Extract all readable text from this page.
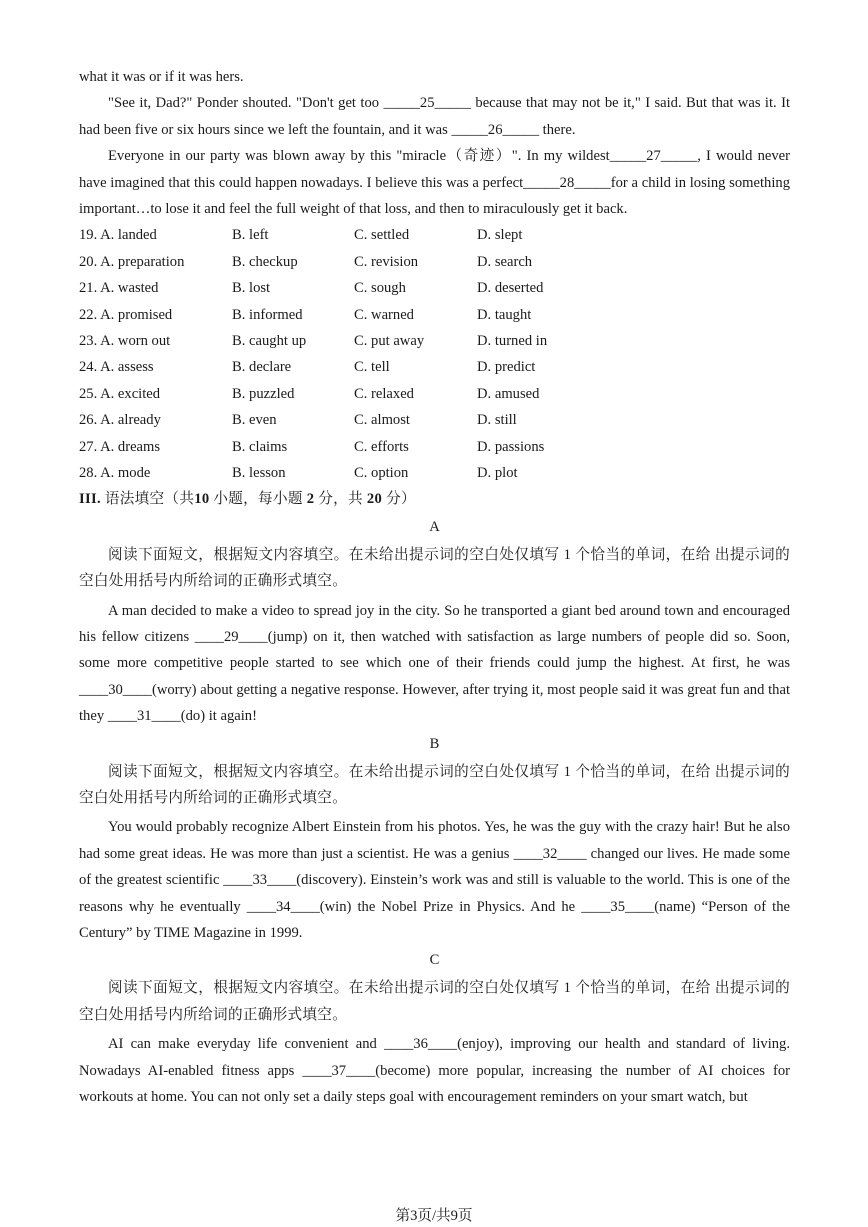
what it was or if it was hers.

"See it, Dad?" Ponder shouted. "Don't get too _____25_____ because that may not be it," I said. But that was it. It had been five or six hours since we left the fountain, and it was _____26_____ there.

Everyone in our party was blown away by this "miracle（奇迹）". In my wildest_____27_____, I would never have imagined that this could happen nowadays. I believe this was a perfect_____28_____for a child in losing something important…to lose it and feel the full weight of that loss, and then to miraculously get it back.

19. A. landed	B. left	C. settled	D. slept
20. A. preparation	B. checkup	C. revision	D. search
21. A. wasted	B. lost	C. sough	D. deserted
22. A. promised	B. informed	C. warned	D. taught
23. A. worn out	B. caught up	C. put away	D. turned in
24. A. assess	B. declare	C. tell	D. predict
25. A. excited	B. puzzled	C. relaxed	D. amused
26. A. already	B. even	C. almost	D. still
27. A. dreams	B. claims	C. efforts	D. passions
28. A. mode	B. lesson	C. option	D. plot

III. 语法填空（共10 小题，每小题 2 分，共 20 分）

A

阅读下面短文，根据短文内容填空。在未给出提示词的空白处仅填写 1 个恰当的单词，在给 出提示词的空白处用括号内所给词的正确形式填空。

A man decided to make a video to spread joy in the city. So he transported a giant bed around town and encouraged his fellow citizens ____29____(jump) on it, then watched with satisfaction as large numbers of people did so. Soon, some more competitive people started to see which one of their friends could jump the highest. At first, he was ____30____(worry) about getting a negative response. However, after trying it, most people said it was great fun and that they ____31____(do) it again!

B

阅读下面短文，根据短文内容填空。在未给出提示词的空白处仅填写 1 个恰当的单词，在给 出提示词的空白处用括号内所给词的正确形式填空。

You would probably recognize Albert Einstein from his photos. Yes, he was the guy with the crazy hair! But he also had some great ideas. He was more than just a scientist. He was a genius ____32____ changed our lives. He made some of the greatest scientific ____33____(discovery). Einstein’s work was and still is valuable to the world. This is one of the reasons why he eventually ____34____(win) the Nobel Prize in Physics. And he ____35____(name) “Person of the Century” by TIME Magazine in 1999.

C

阅读下面短文，根据短文内容填空。在未给出提示词的空白处仅填写 1 个恰当的单词，在给 出提示词的空白处用括号内所给词的正确形式填空。

AI can make everyday life convenient and ____36____(enjoy), improving our health and standard of living. Nowadays AI-enabled fitness apps ____37____(become) more popular, increasing the number of AI choices for workouts at home. You can not only set a daily steps goal with encouragement reminders on your smart watch, but

第3页/共9页
